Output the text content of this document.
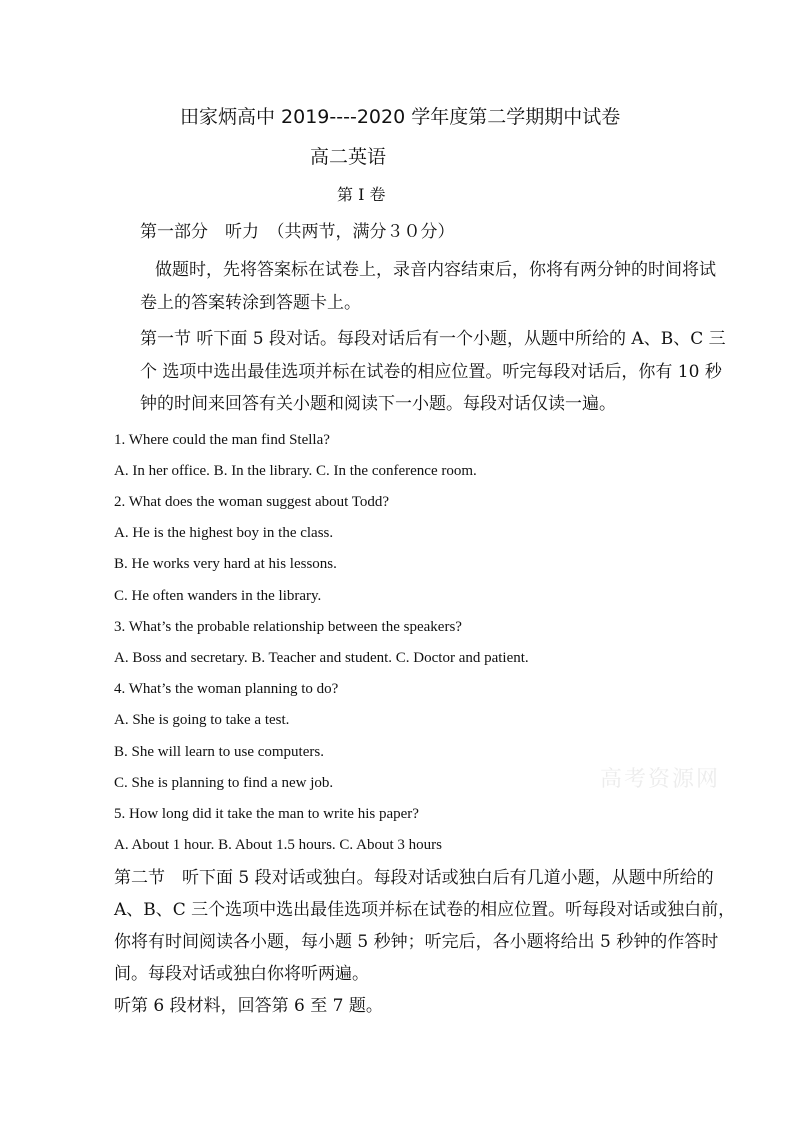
田家炳高中 2019----2020 学年度第二学期期中试卷
高二英语
第 I 卷
第一部分　听力　（共两节，满分３０分）
做题时，先将答案标在试卷上，录音内容结束后，你将有两分钟的时间将试
卷上的答案转涂到答题卡上。
第一节 听下面 5 段对话。每段对话后有一个小题，从题中所给的 A、B、C 三
个 选项中选出最佳选项并标在试卷的相应位置。听完每段对话后，你有 10 秒
钟的时间来回答有关小题和阅读下一小题。每段对话仅读一遍。
1. Where could the man find Stella?
A. In her office. B. In the library. C. In the conference room.
2. What does the woman suggest about Todd?
A. He is the highest boy in the class.
B. He works very hard at his lessons.
C. He often wanders in the library.
3. What’s the probable relationship between the speakers?
A. Boss and secretary. B. Teacher and student. C. Doctor and patient.
4. What’s the woman planning to do?
A. She is going to take a test.
B. She will learn to use computers.
C. She is planning to find a new job.
5. How long did it take the man to write his paper?
A. About 1 hour. B. About 1.5 hours. C. About 3 hours
第二节　听下面 5 段对话或独白。每段对话或独白后有几道小题，从题中所给的
A、B、C 三个选项中选出最佳选项并标在试卷的相应位置。听每段对话或独白前，
你将有时间阅读各小题，每小题 5 秒钟；听完后，各小题将给出 5 秒钟的作答时
间。每段对话或独白你将听两遍。
听第 6 段材料，回答第 6 至 7 题。
高考资源网
